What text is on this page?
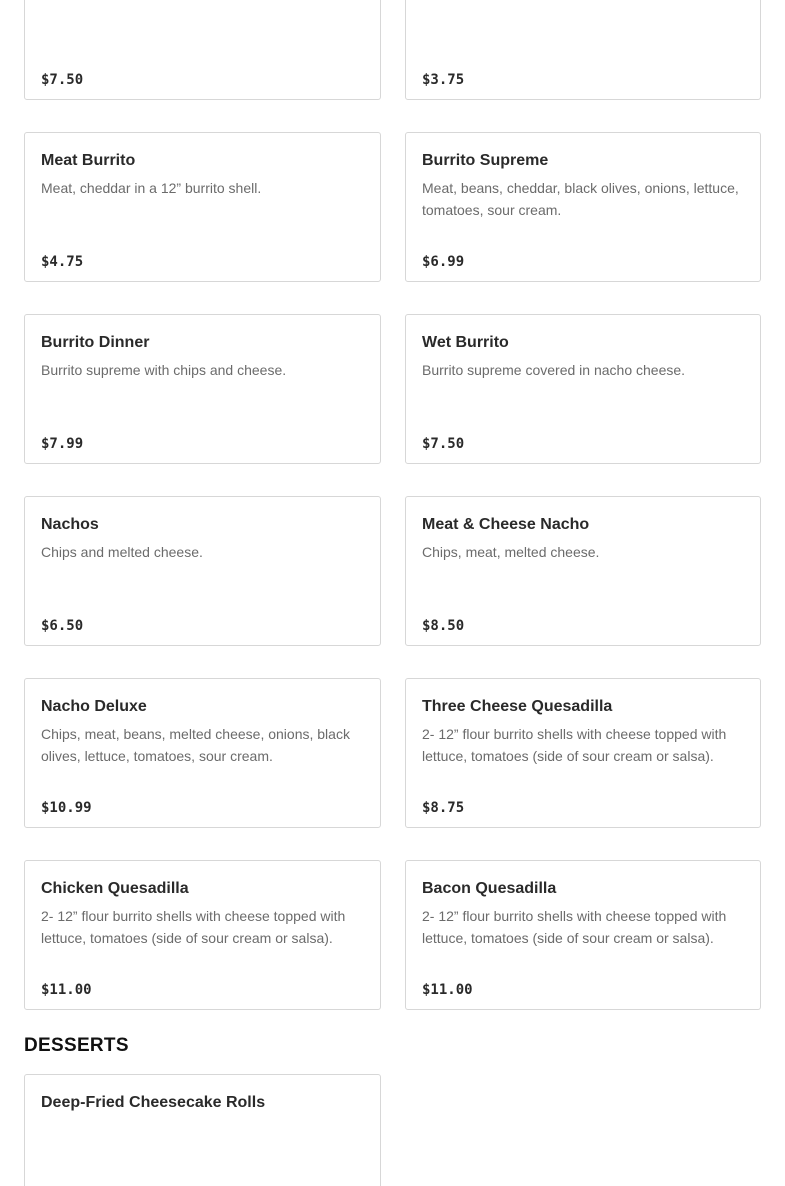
$7.50	$3.75
Meat Burrito
Meat, cheddar in a 12” burrito shell.
$4.75
Burrito Supreme
Meat, beans, cheddar, black olives, onions, lettuce, tomatoes, sour cream.
$6.99
Burrito Dinner
Burrito supreme with chips and cheese.
$7.99
Wet Burrito
Burrito supreme covered in nacho cheese.
$7.50
Nachos
Chips and melted cheese.
$6.50
Meat & Cheese Nacho
Chips, meat, melted cheese.
$8.50
Nacho Deluxe
Chips, meat, beans, melted cheese, onions, black olives, lettuce, tomatoes, sour cream.
$10.99
Three Cheese Quesadilla
2- 12” flour burrito shells with cheese topped with lettuce, tomatoes (side of sour cream or salsa).
$8.75
Chicken Quesadilla
2- 12” flour burrito shells with cheese topped with lettuce, tomatoes (side of sour cream or salsa).
$11.00
Bacon Quesadilla
2- 12” flour burrito shells with cheese topped with lettuce, tomatoes (side of sour cream or salsa).
$11.00
DESSERTS
Deep-Fried Cheesecake Rolls
